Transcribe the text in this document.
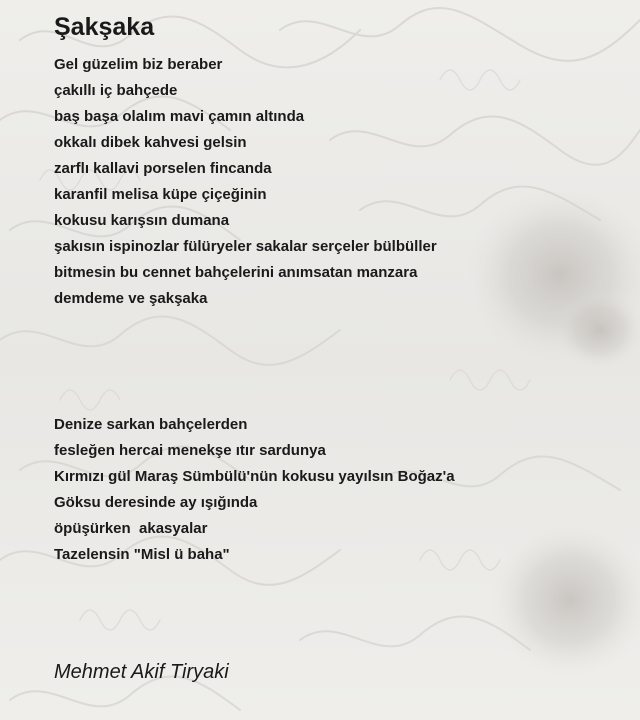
Şakşaka
Gel güzelim biz beraber
çakıllı iç bahçede
baş başa olalım mavi çamın altında
okkalı dibek kahvesi gelsin
zarflı kallavi porselen fincanda
karanfil melisa küpe çiçeğinin
kokusu karışsın dumana
şakısın ispinozlar fülüryeler sakalar serçeler bülbüller
bitmesin bu cennet bahçelerini anımsatan manzara
demdeme ve şakşaka
Denize sarkan bahçelerden
fesleğen hercai menekşe ıtır sardunya
Kırmızı gül Maraş Sümbülü'nün kokusu yayılsın Boğaz'a
Göksu deresinde ay ışığında
öpüşürken  akasyalar
Tazelensin "Misl ü baha"

Mehmet Akif Tiryaki
